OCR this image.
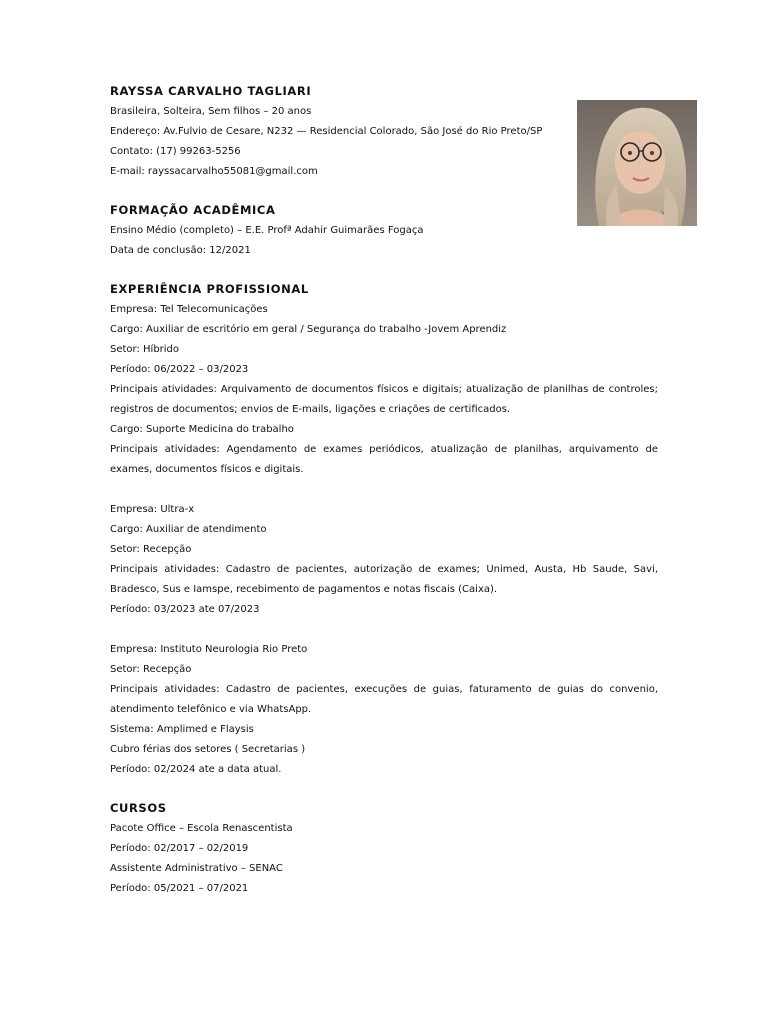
RAYSSA CARVALHO TAGLIARI

Brasileira, Solteira, Sem filhos – 20 anos

Endereço: Av.Fulvio de Cesare, N232 — Residencial Colorado, São José do Rio Preto/SP

Contato: (17) 99263-5256

E-mail: rayssacarvalho55081@gmail.com

FORMAÇÃO ACADÊMICA

Ensino Médio (completo) – E.E. Profª Adahir Guimarães Fogaça

Data de conclusão: 12/2021

EXPERIÊNCIA PROFISSIONAL

Empresa: Tel Telecomunicações

Cargo: Auxiliar de escritório em geral / Segurança do trabalho -Jovem Aprendiz

Setor: Híbrido

Período: 06/2022 – 03/2023

Principais atividades: Arquivamento de documentos físicos e digitais; atualização de planilhas de controles; registros de documentos; envios de E-mails, ligações e criações de certificados.

Cargo: Suporte Medicina do trabalho

Principais atividades: Agendamento de exames periódicos, atualização de planilhas, arquivamento de exames, documentos físicos e digitais.

Empresa: Ultra-x

Cargo: Auxiliar de atendimento

Setor: Recepção

Principais atividades: Cadastro de pacientes, autorização de exames; Unimed, Austa, Hb Saude, Savi, Bradesco, Sus e Iamspe, recebimento de pagamentos e notas fiscais (Caixa).

Período: 03/2023 ate 07/2023

Empresa: Instituto Neurologia Rio Preto

Setor: Recepção

Principais atividades: Cadastro de pacientes, execuções de guias, faturamento de guias do convenio, atendimento telefônico e via WhatsApp.

Sistema: Amplimed e Flaysis

Cubro férias dos setores ( Secretarias )

Período: 02/2024 ate a data atual.

CURSOS

Pacote Office – Escola Renascentista

Período: 02/2017 – 02/2019

Assistente Administrativo – SENAC

Período: 05/2021 – 07/2021
